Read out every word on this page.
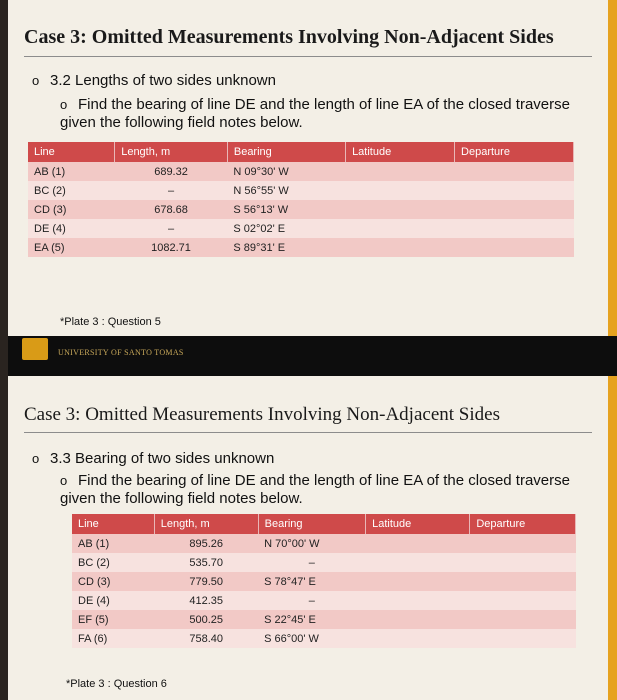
Case 3: Omitted Measurements Involving Non-Adjacent Sides
o 3.2 Lengths of two sides unknown
o Find the bearing of line DE and the length of line EA of the closed traverse given the following field notes below.
Line	Length, m	Bearing	Latitude	Departure
AB (1)	689.32	N 09°30' W		
BC (2)	–	N 56°55' W		
CD (3)	678.68	S 56°13' W		
DE (4)	–	S 02°02' E		
EA (5)	1082.71	S 89°31' E		
*Plate 3 : Question 5
UNIVERSITY OF SANTO TOMAS
Case 3: Omitted Measurements Involving Non-Adjacent Sides
o 3.3 Bearing of two sides unknown
o Find the bearing of line DE and the length of line EA of the closed traverse given the following field notes below.
Line	Length, m	Bearing	Latitude	Departure
AB (1)	895.26	N 70°00' W		
BC (2)	535.70	–		
CD (3)	779.50	S 78°47' E		
DE (4)	412.35	–		
EF (5)	500.25	S 22°45' E		
FA (6)	758.40	S 66°00' W		
*Plate 3 : Question 6
